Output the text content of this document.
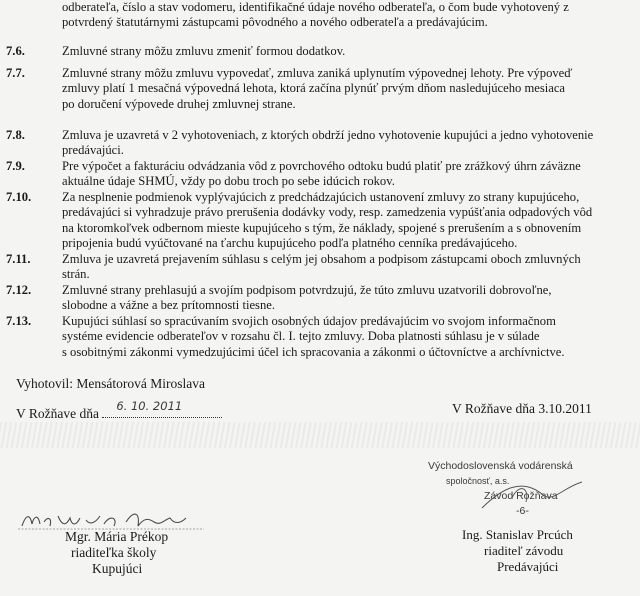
odberateľa, číslo a stav vodomeru, identifikačné údaje nového odberateľa, o čom bude vyhotovený z
potvrdený štatutárnymi zástupcami pôvodného a nového odberateľa a predávajúcim.
7.6.	Zmluvné strany môžu zmluvu zmeniť formou dodatkov.
7.7.	Zmluvné strany môžu zmluvu vypovedať, zmluva zaniká uplynutím výpovednej lehoty. Pre výpoveď
zmluvy platí 1 mesačná výpovedná lehota, ktorá začína plynúť prvým dňom nasledujúceho mesiaca
po doručení výpovede druhej zmluvnej strane.
7.8.	Zmluva je uzavretá v 2 vyhotoveniach, z ktorých obdrží jedno vyhotovenie kupujúci a jedno vyhotovenie
predávajúci.
7.9.	Pre výpočet a fakturáciu odvádzania vôd z povrchového odtoku budú platiť pre zrážkový úhrn záväzne
aktuálne údaje SHMÚ, vždy po dobu troch po sebe idúcich rokov.
7.10. Za nesplnenie podmienok vyplývajúcich z predchádzajúcich ustanovení zmluvy zo strany kupujúceho,
predávajúci si vyhradzuje právo prerušenia dodávky vody, resp. zamedzenia vypúšťania odpadových vôd
na ktoromkoľvek odbernom mieste kupujúceho s tým, že náklady, spojené s prerušením a s obnovením
pripojenia budú vyúčtované na ťarchu kupujúceho podľa platného cenníka predávajúceho.
7.11.	Zmluva je uzavretá prejavením súhlasu s celým jej obsahom a podpisom zástupcami oboch zmluvných
strán.
7.12. Zmluvné strany prehlasujú a svojím podpisom potvrdzujú, že túto zmluvu uzatvorili dobrovoľne,
slobodne a vážne a bez prítomnosti tiesne.
7.13. Kupujúci súhlasí so spracúvaním svojich osobných údajov predávajúcim vo svojom informačnom
systéme evidencie odberateľov v rozsahu čl. I. tejto zmluvy. Doba platnosti súhlasu je v súlade
s osobitnými zákonmi vymedzujúcimi účel ich spracovania a zákonmi o účtovníctve a archívnictve.
Vyhotovil: Mensátorová Miroslava
V Rožňave dňa 6. 10. 2011	V Rožňave dňa 3.10.2011
Mgr. Mária Prékop
riaditeľka školy
Kupujúci
Východoslovenská vodárenská
spoločnosť, a.s.
Závod Rožňava
-6-
Ing. Stanislav Prcúch
riaditeľ závodu
Predávajúci
